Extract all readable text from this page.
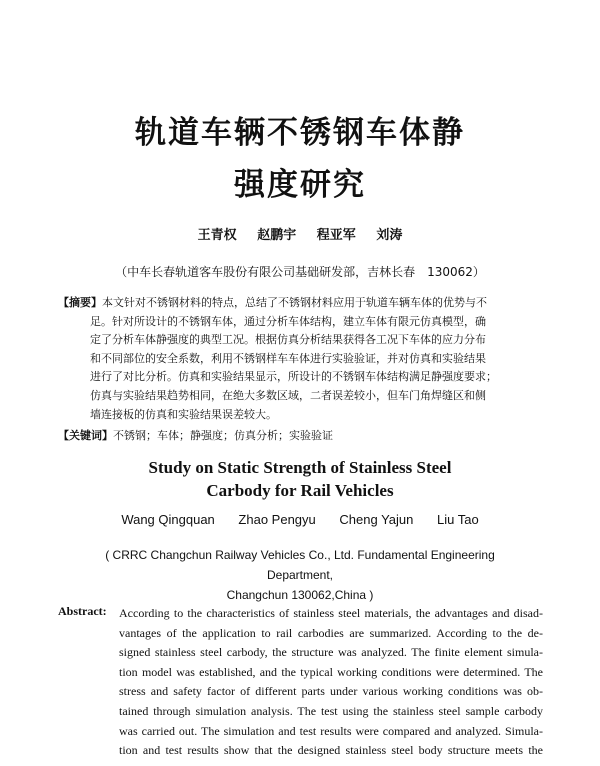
轨道车辆不锈钢车体静
强度研究
王青权 赵鹏宇 程亚军 刘涛
（中车长春轨道客车股份有限公司基础研发部，吉林长春　130062）
【摘要】本文针对不锈钢材料的特点，总结了不锈钢材料应用于轨道车辆车体的优势与不
足。针对所设计的不锈钢车体，通过分析车体结构，建立车体有限元仿真模型，确
定了分析车体静强度的典型工况。根据仿真分析结果获得各工况下车体的应力分布
和不同部位的安全系数，利用不锈钢样车车体进行实验验证，并对仿真和实验结果
进行了对比分析。仿真和实验结果显示，所设计的不锈钢车体结构满足静强度要求；
仿真与实验结果趋势相同，在绝大多数区域，二者误差较小，但车门角焊缝区和侧
墙连接板的仿真和实验结果误差较大。
【关键词】不锈钢；车体；静强度；仿真分析；实验验证
Study on Static Strength of Stainless Steel
Carbody for Rail Vehicles
Wang Qingquan Zhao Pengyu Cheng Yajun Liu Tao
( CRRC Changchun Railway Vehicles Co., Ltd. Fundamental Engineering Department,
Changchun 130062,China )
Abstract: According to the characteristics of stainless steel materials, the advantages and disad-
vantages of the application to rail carbodies are summarized. According to the de-
signed stainless steel carbody, the structure was analyzed. The finite element simula-
tion model was established, and the typical working conditions were determined. The
stress and safety factor of different parts under various working conditions was ob-
tained through simulation analysis. The test using the stainless steel sample carbody
was carried out. The simulation and test results were compared and analyzed. Simula-
tion and test results show that the designed stainless steel body structure meets the
